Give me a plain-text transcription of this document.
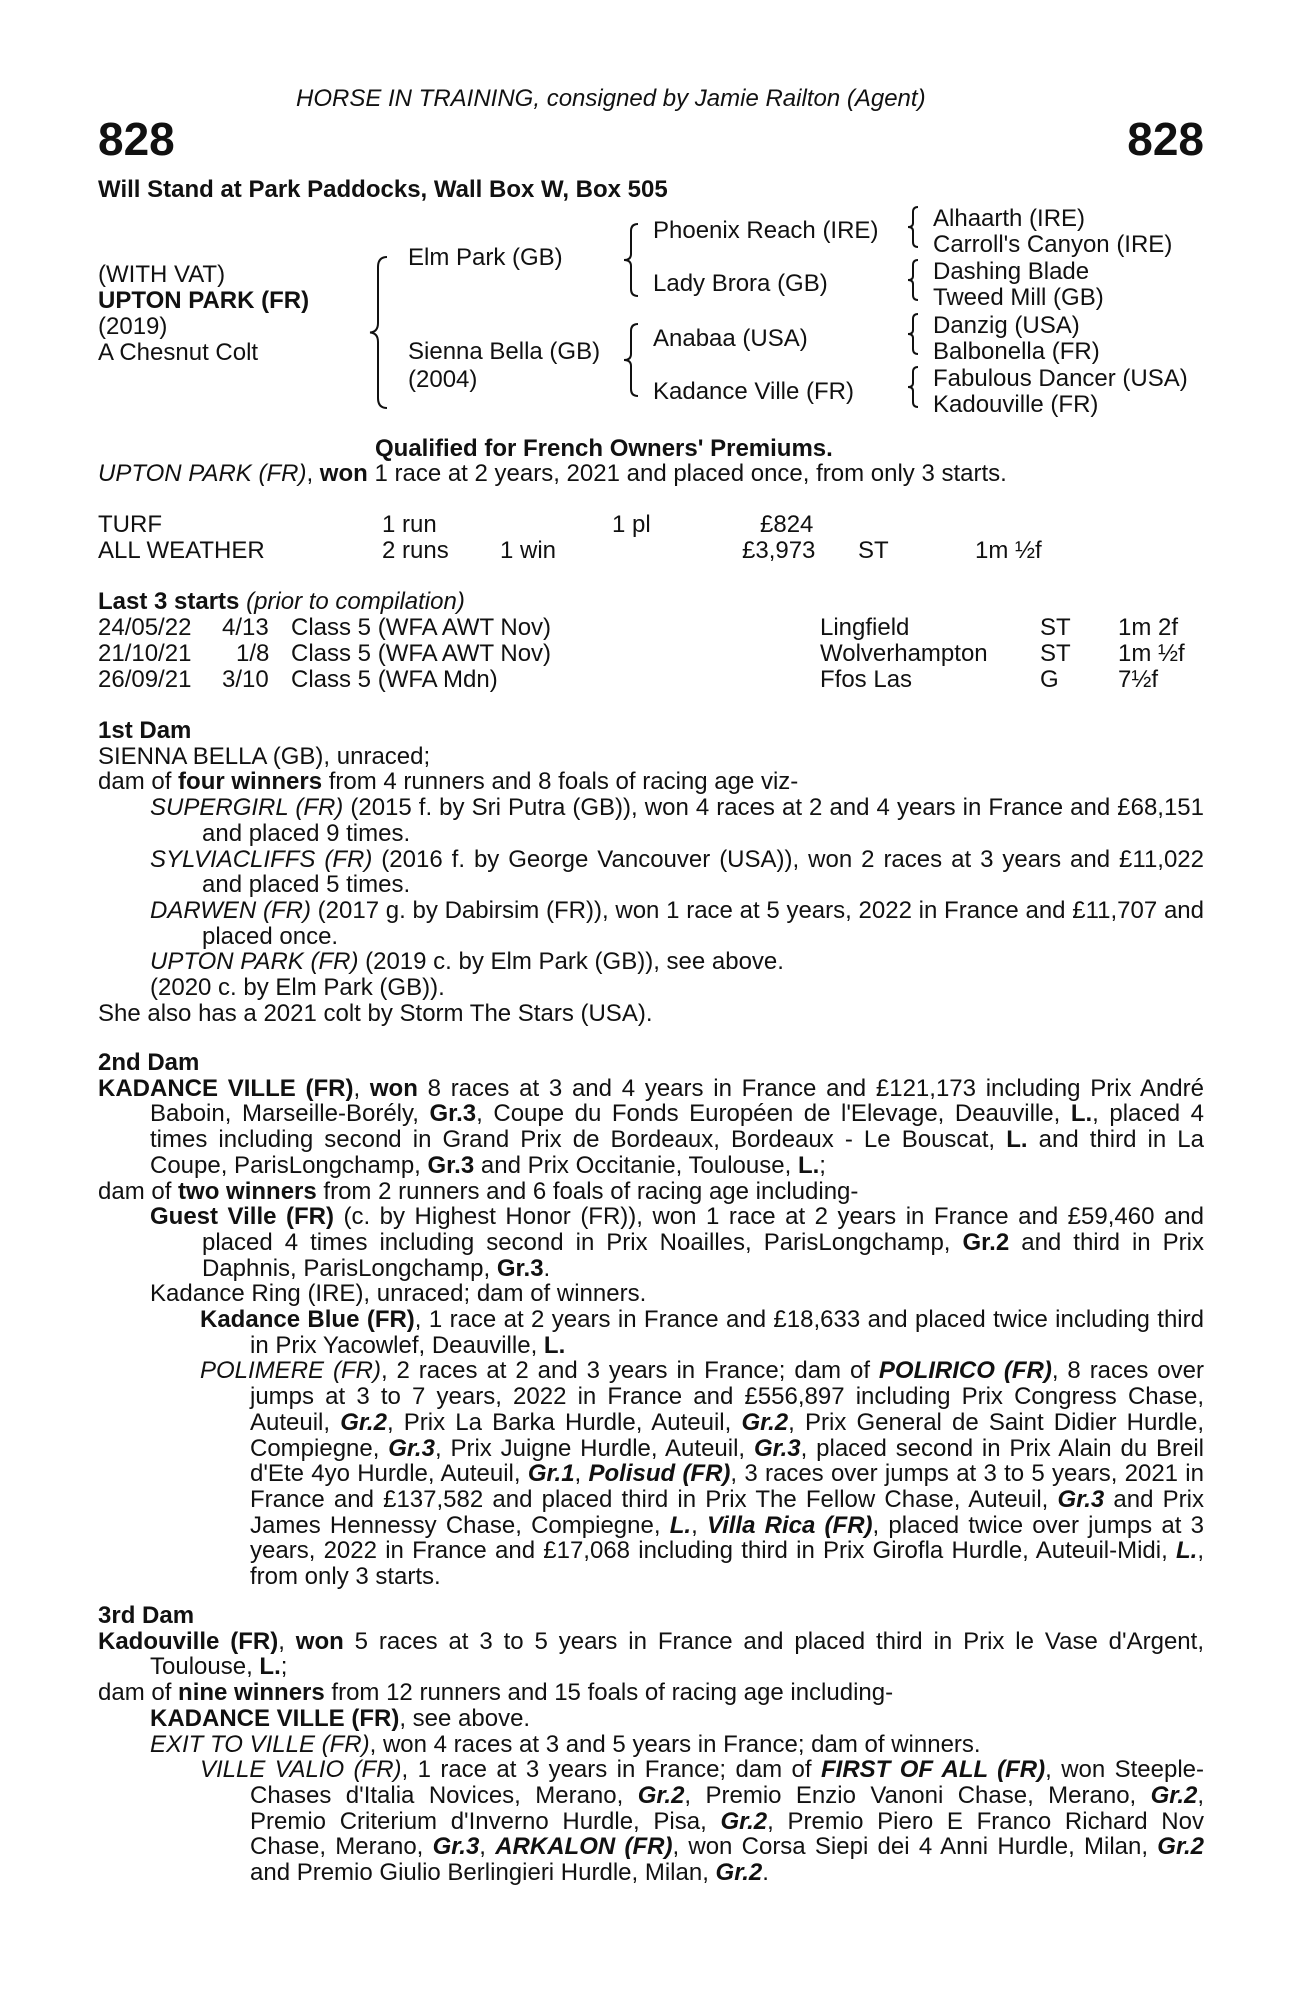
HORSE IN TRAINING, consigned by Jamie Railton (Agent)
828	828
Will Stand at Park Paddocks, Wall Box W, Box 505
(WITH VAT)
UPTON PARK (FR)
(2019)
A Chesnut Colt
Elm Park (GB)
Sienna Bella (GB)
(2004)
Phoenix Reach (IRE)
Lady Brora (GB)
Anabaa (USA)
Kadance Ville (FR)
Alhaarth (IRE)
Carroll's Canyon (IRE)
Dashing Blade
Tweed Mill (GB)
Danzig (USA)
Balbonella (FR)
Fabulous Dancer (USA)
Kadouville (FR)
Qualified for French Owners' Premiums.
UPTON PARK (FR), won 1 race at 2 years, 2021 and placed once, from only 3 starts.
TURF	1 run	1 pl	£824
ALL WEATHER	2 runs 1 win	£3,973 ST	1m ½f
Last 3 starts (prior to compilation)
24/05/22 4/13 Class 5 (WFA AWT Nov)	Lingfield	ST 1m 2f
21/10/21 1/8 Class 5 (WFA AWT Nov)	Wolverhampton ST 1m ½f
26/09/21 3/10 Class 5 (WFA Mdn)	Ffos Las	G 7½f

1st Dam

SIENNA BELLA (GB), unraced;

dam of four winners from 4 runners and 8 foals of racing age viz-

SUPERGIRL (FR) (2015 f. by Sri Putra (GB)), won 4 races at 2 and 4 years in France and £68,151 and placed 9 times.

SYLVIACLIFFS (FR) (2016 f. by George Vancouver (USA)), won 2 races at 3 years and £11,022 and placed 5 times.

DARWEN (FR) (2017 g. by Dabirsim (FR)), won 1 race at 5 years, 2022 in France and £11,707 and placed once.

UPTON PARK (FR) (2019 c. by Elm Park (GB)), see above.

(2020 c. by Elm Park (GB)).

She also has a 2021 colt by Storm The Stars (USA).

2nd Dam

KADANCE VILLE (FR), won 8 races at 3 and 4 years in France and £121,173 including Prix André Baboin, Marseille-Borély, Gr.3, Coupe du Fonds Européen de l'Elevage, Deauville, L., placed 4 times including second in Grand Prix de Bordeaux, Bordeaux - Le Bouscat, L. and third in La Coupe, ParisLongchamp, Gr.3 and Prix Occitanie, Toulouse, L.;

dam of two winners from 2 runners and 6 foals of racing age including-

Guest Ville (FR) (c. by Highest Honor (FR)), won 1 race at 2 years in France and £59,460 and placed 4 times including second in Prix Noailles, ParisLongchamp, Gr.2 and third in Prix Daphnis, ParisLongchamp, Gr.3.

Kadance Ring (IRE), unraced; dam of winners.

Kadance Blue (FR), 1 race at 2 years in France and £18,633 and placed twice including third in Prix Yacowlef, Deauville, L.

POLIMERE (FR), 2 races at 2 and 3 years in France; dam of POLIRICO (FR), 8 races over jumps at 3 to 7 years, 2022 in France and £556,897 including Prix Congress Chase, Auteuil, Gr.2, Prix La Barka Hurdle, Auteuil, Gr.2, Prix General de Saint Didier Hurdle, Compiegne, Gr.3, Prix Juigne Hurdle, Auteuil, Gr.3, placed second in Prix Alain du Breil d'Ete 4yo Hurdle, Auteuil, Gr.1, Polisud (FR), 3 races over jumps at 3 to 5 years, 2021 in France and £137,582 and placed third in Prix The Fellow Chase, Auteuil, Gr.3 and Prix James Hennessy Chase, Compiegne, L., Villa Rica (FR), placed twice over jumps at 3 years, 2022 in France and £17,068 including third in Prix Girofla Hurdle, Auteuil-Midi, L., from only 3 starts.

3rd Dam

Kadouville (FR), won 5 races at 3 to 5 years in France and placed third in Prix le Vase d'Argent, Toulouse, L.;

dam of nine winners from 12 runners and 15 foals of racing age including-

KADANCE VILLE (FR), see above.

EXIT TO VILLE (FR), won 4 races at 3 and 5 years in France; dam of winners.

VILLE VALIO (FR), 1 race at 3 years in France; dam of FIRST OF ALL (FR), won Steeple-Chases d'Italia Novices, Merano, Gr.2, Premio Enzio Vanoni Chase, Merano, Gr.2, Premio Criterium d'Inverno Hurdle, Pisa, Gr.2, Premio Piero E Franco Richard Nov Chase, Merano, Gr.3, ARKALON (FR), won Corsa Siepi dei 4 Anni Hurdle, Milan, Gr.2 and Premio Giulio Berlingieri Hurdle, Milan, Gr.2.
